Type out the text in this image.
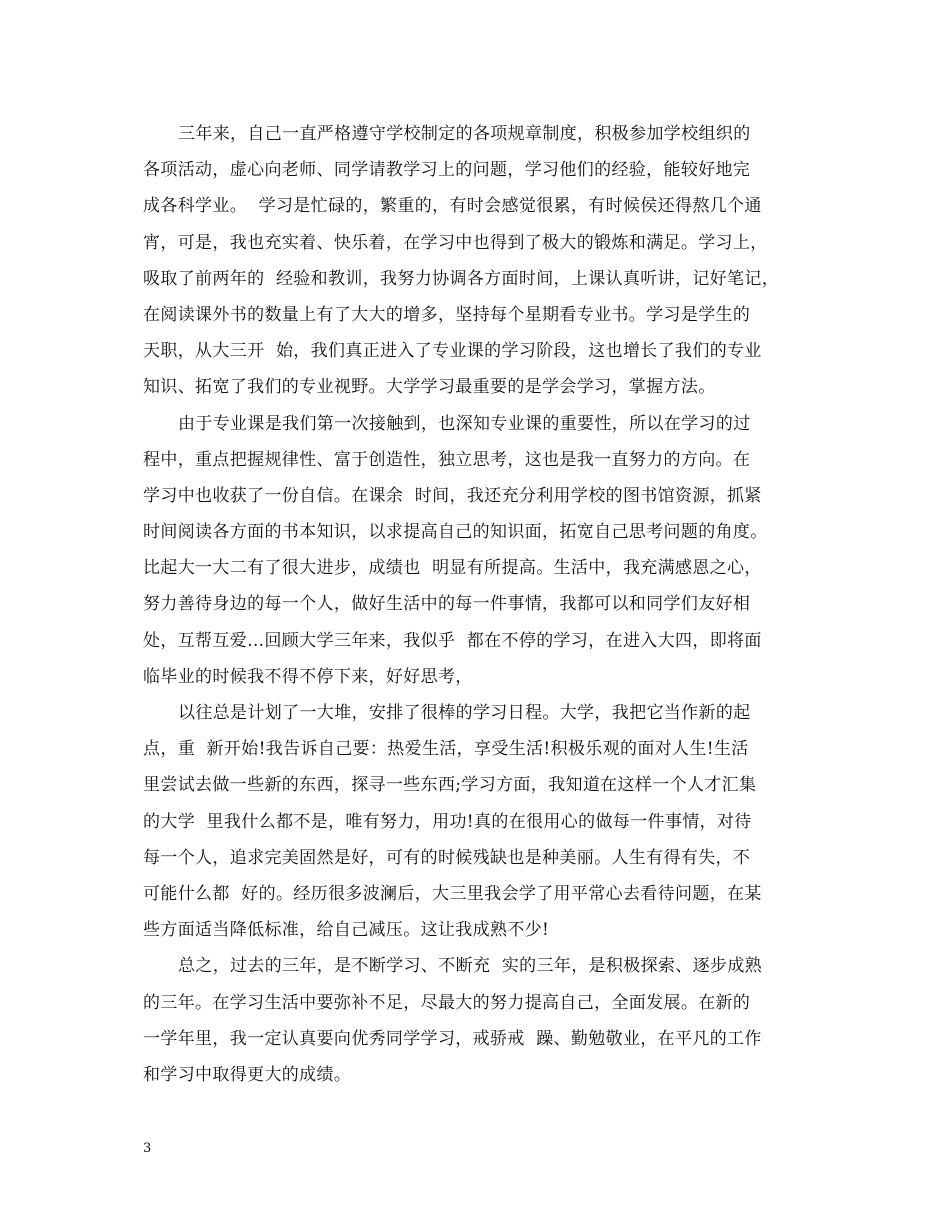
三年来，自己一直严格遵守学校制定的各项规章制度，积极参加学校组织的
各项活动，虚心向老师、同学请教学习上的问题，学习他们的经验，能较好地完
成各科学业。  学习是忙碌的，繁重的，有时会感觉很累，有时候侯还得熬几个通
宵，可是，我也充实着、快乐着，在学习中也得到了极大的锻炼和满足。学习上，
吸取了前两年的  经验和教训，我努力协调各方面时间，上课认真听讲，记好笔记，
在阅读课外书的数量上有了大大的增多，坚持每个星期看专业书。学习是学生的
天职，从大三开  始，我们真正进入了专业课的学习阶段，这也增长了我们的专业
知识、拓宽了我们的专业视野。大学学习最重要的是学会学习，掌握方法。
由于专业课是我们第一次接触到，也深知专业课的重要性，所以在学习的过
程中，重点把握规律性、富于创造性，独立思考，这也是我一直努力的方向。在
学习中也收获了一份自信。在课余  时间，我还充分利用学校的图书馆资源，抓紧
时间阅读各方面的书本知识，以求提高自己的知识面，拓宽自己思考问题的角度。
比起大一大二有了很大进步，成绩也  明显有所提高。生活中，我充满感恩之心，
努力善待身边的每一个人，做好生活中的每一件事情，我都可以和同学们友好相
处，互帮互爱…回顾大学三年来，我似乎  都在不停的学习，在进入大四，即将面
临毕业的时候我不得不停下来，好好思考，
以往总是计划了一大堆，安排了很棒的学习日程。大学，我把它当作新的起
点，重  新开始!我告诉自己要：热爱生活，享受生活!积极乐观的面对人生!生活
里尝试去做一些新的东西，探寻一些东西;学习方面，我知道在这样一个人才汇集
的大学  里我什么都不是，唯有努力，用功!真的在很用心的做每一件事情，对待
每一个人，追求完美固然是好，可有的时候残缺也是种美丽。人生有得有失，不
可能什么都  好的。经历很多波澜后，大三里我会学了用平常心去看待问题，在某
些方面适当降低标准，给自己减压。这让我成熟不少!
总之，过去的三年，是不断学习、不断充  实的三年，是积极探索、逐步成熟
的三年。在学习生活中要弥补不足，尽最大的努力提高自己，全面发展。在新的
一学年里，我一定认真要向优秀同学学习，戒骄戒  躁、勤勉敬业，在平凡的工作
和学习中取得更大的成绩。
3
